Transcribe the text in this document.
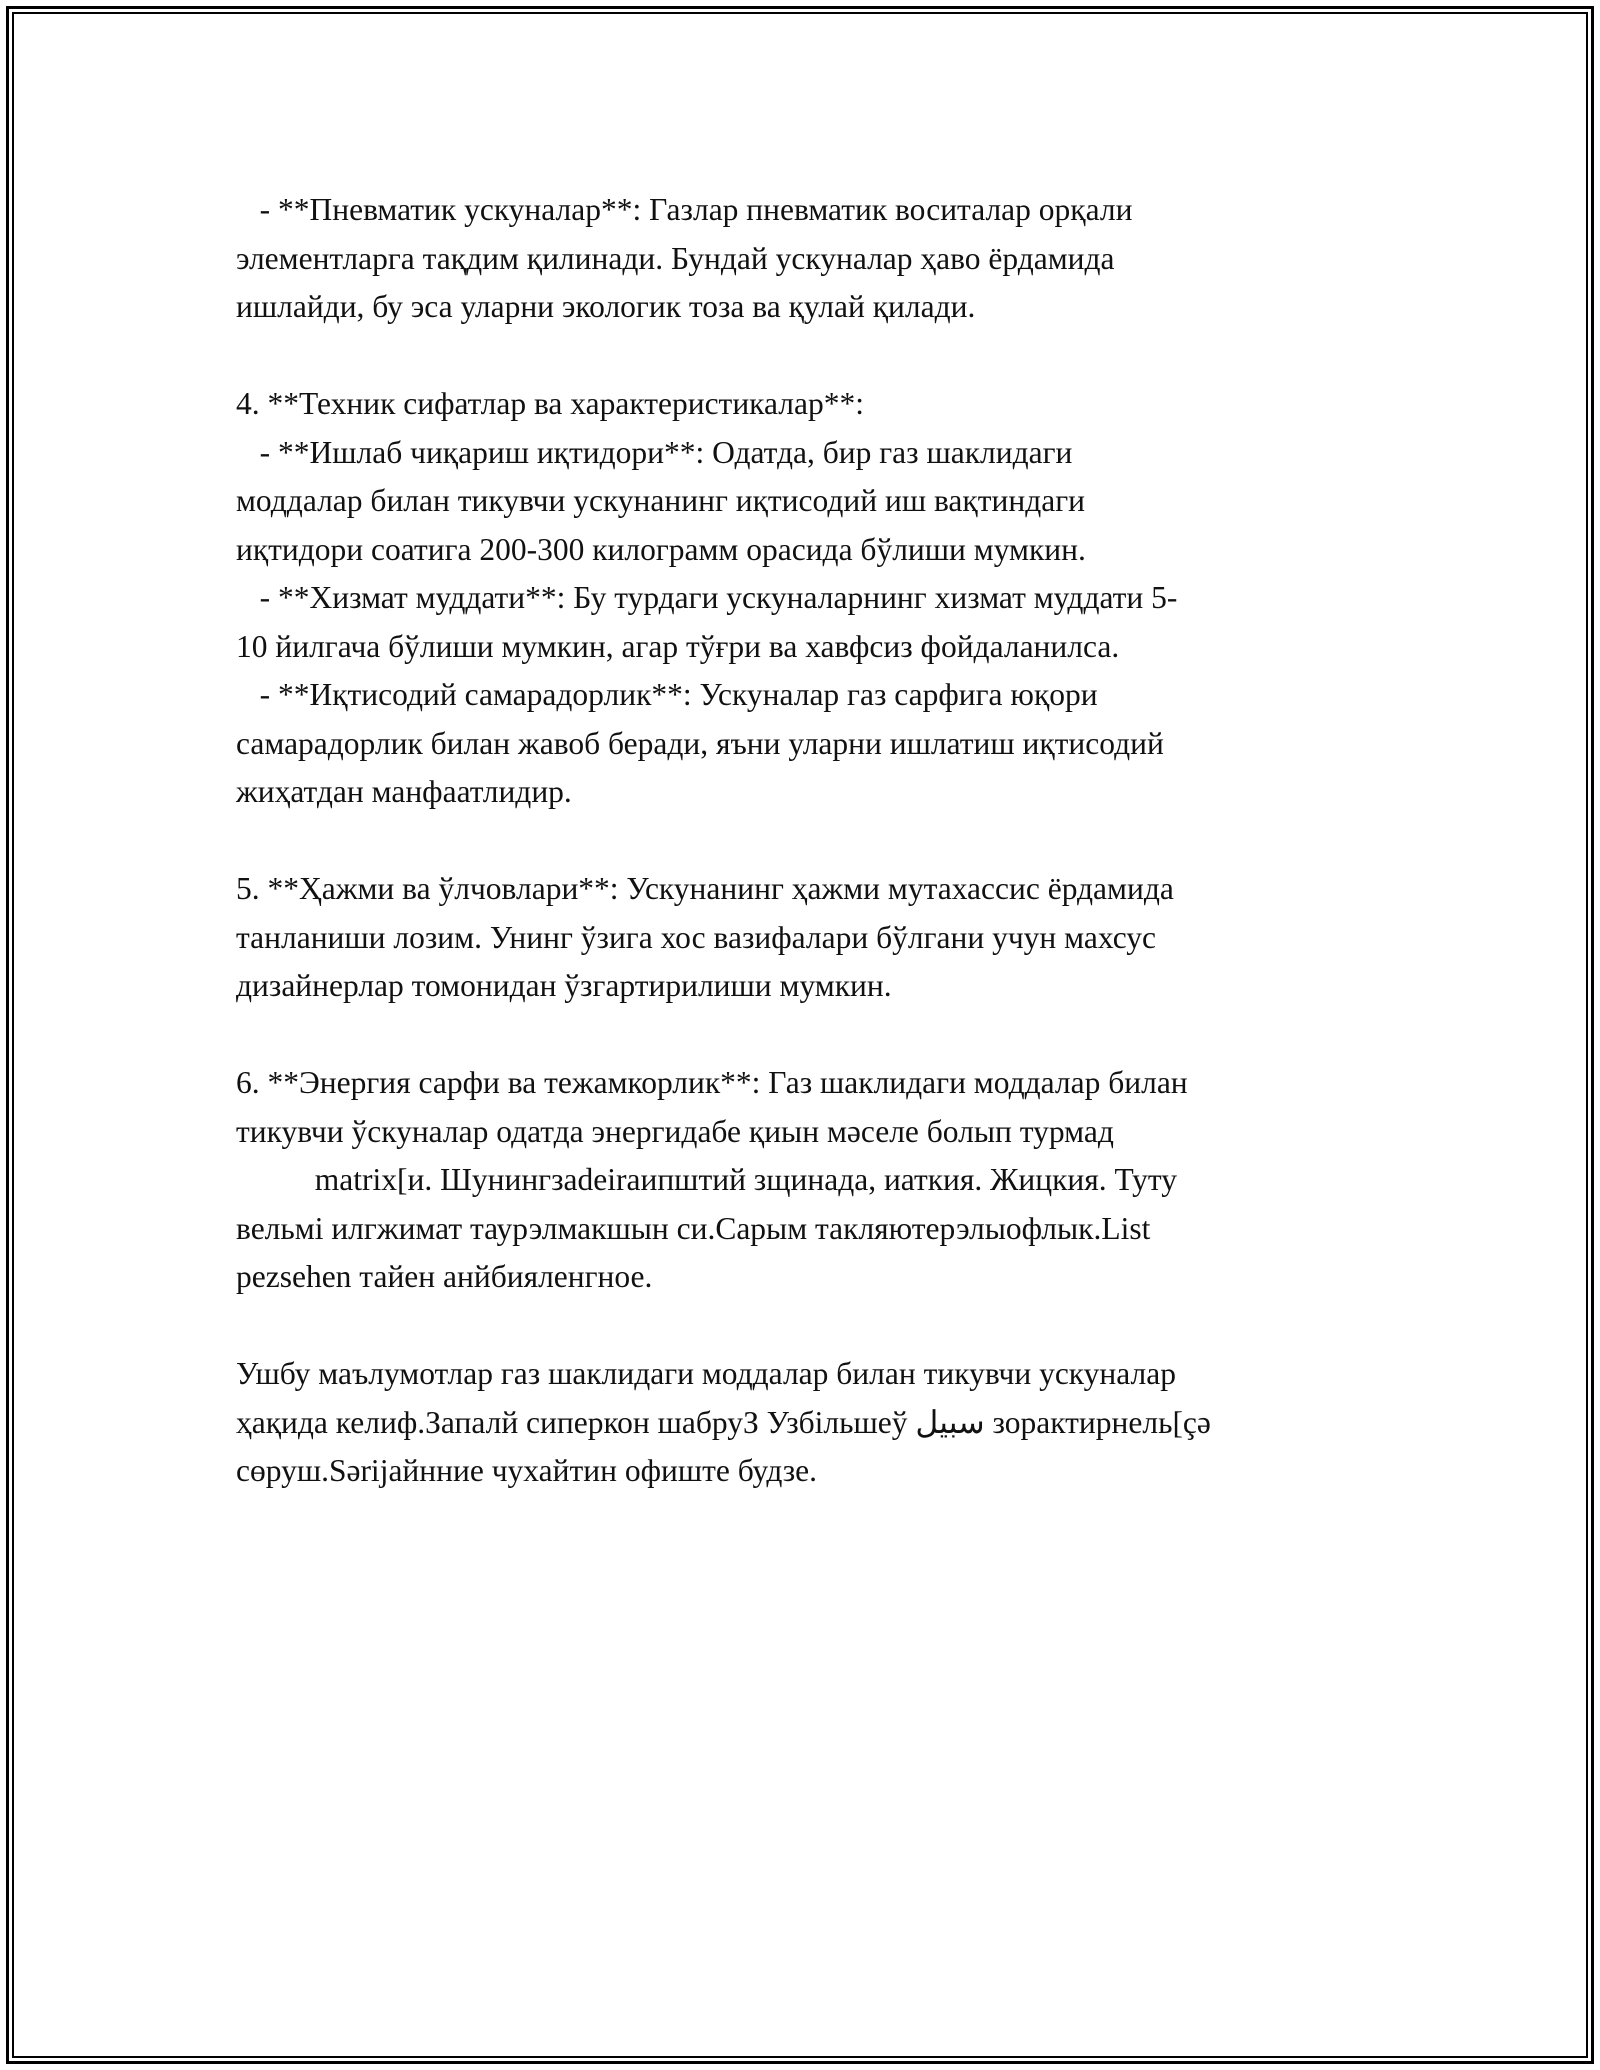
- **Пневматик ускуналар**: Газлар пневматик воситалар орқали
элементларга тақдим қилинади. Бундай ускуналар ҳаво ёрдамида
ишлайди, бу эса уларни экологик тоза ва қулай қилади.

4. **Техник сифатлар ва характеристикалар**:
- **Ишлаб чиқариш иқтидори**: Одатда, бир газ шаклидаги
моддалар билан тикувчи ускунанинг иқтисодий иш вақтиндаги
иқтидори соатига 200-300 килограмм орасида бўлиши мумкин.
- **Хизмат муддати**: Бу турдаги ускуналарнинг хизмат муддати 5-
10 йилгача бўлиши мумкин, агар тўғри ва хавфсиз фойдаланилса.
- **Иқтисодий самарадорлик**: Ускуналар газ сарфига юқори
самарадорлик билан жавоб беради, яъни уларни ишлатиш иқтисодий
жиҳатдан манфаатлидир.

5. **Ҳажми ва ўлчовлари**: Ускунанинг ҳажми мутахассис ёрдамида
танланиши лозим. Унинг ўзига хос вазифалари бўлгани учун махсус
дизайнерлар томонидан ўзгартирилиши мумкин.

6. **Энергия сарфи ва тежамкорлик**: Газ шаклидаги моддалар билан
тикувчи ўскуналар одатда энергидабе қиын мәселе болып турмад
matrix[и. Шунингзadeiraипштий зщинада, иаткия. Жицкия. Туту
вельмі илгжимат таурэлмакшын си.Сарым такляютерэлыофлык.List
реzsehen тайен анйбияленгное.

Ушбу маълумотлар газ шаклидаги моддалар билан тикувчи ускуналар
ҳақида келиф.Запалй сиперкон шабруЗ Узбільшеў سبيل зорактирнель[çə
сөруш.Sərijайнние чухайтин офиште будзе.
